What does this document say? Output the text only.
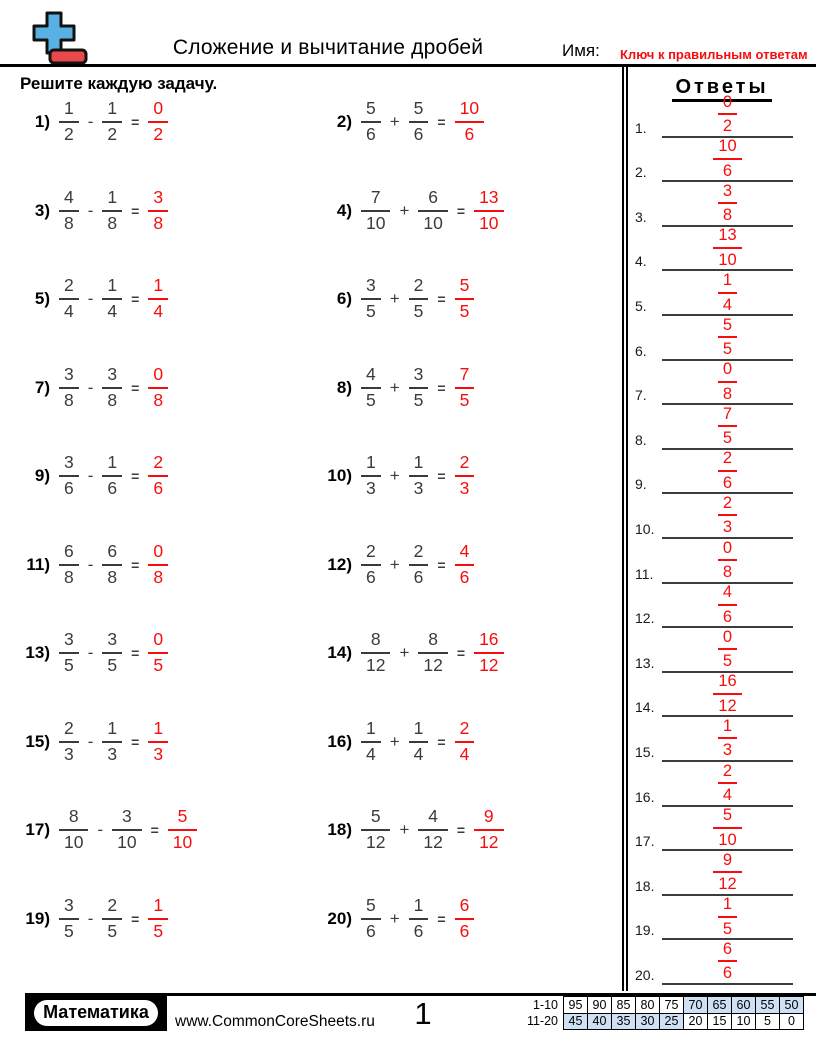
Сложение и вычитание дробей	Имя: Ключ к правильным ответам
Решите каждую задачу.
$1) \frac{1}{2} - \frac{1}{2} = \frac{0}{2}$	$2) \frac{5}{6} + \frac{5}{6} = \frac{10}{6}$
$3) \frac{4}{8} - \frac{1}{8} = \frac{3}{8}$	$4) \frac{7}{10} + \frac{6}{10} = \frac{13}{10}$
$5) \frac{2}{4} - \frac{1}{4} = \frac{1}{4}$	$6) \frac{3}{5} + \frac{2}{5} = \frac{5}{5}$
$7) \frac{3}{8} - \frac{3}{8} = \frac{0}{8}$	$8) \frac{4}{5} + \frac{3}{5} = \frac{7}{5}$
$9) \frac{3}{6} - \frac{1}{6} = \frac{2}{6}$	$10) \frac{1}{3} + \frac{1}{3} = \frac{2}{3}$
$11) \frac{6}{8} - \frac{6}{8} = \frac{0}{8}$	$12) \frac{2}{6} + \frac{2}{6} = \frac{4}{6}$
$13) \frac{3}{5} - \frac{3}{5} = \frac{0}{5}$	$14) \frac{8}{12} + \frac{8}{12} = \frac{16}{12}$
$15) \frac{2}{3} - \frac{1}{3} = \frac{1}{3}$	$16) \frac{1}{4} + \frac{1}{4} = \frac{2}{4}$
$17) \frac{8}{10} - \frac{3}{10} = \frac{5}{10}$	$18) \frac{5}{12} + \frac{4}{12} = \frac{9}{12}$
$19) \frac{3}{5} - \frac{2}{5} = \frac{1}{5}$	$20) \frac{5}{6} + \frac{1}{6} = \frac{6}{6}$
Ответы
1.	$\frac{0}{2}$
2.	$\frac{10}{6}$
3.	$\frac{3}{8}$
4.	$\frac{13}{10}$
5.	$\frac{1}{4}$
6.	$\frac{5}{5}$
7.	$\frac{0}{8}$
8.	$\frac{7}{5}$
9.	$\frac{2}{6}$
10.	$\frac{2}{3}$
11.	$\frac{0}{8}$
12.	$\frac{4}{6}$
13.	$\frac{0}{5}$
14.	$\frac{16}{12}$
15.	$\frac{1}{3}$
16.	$\frac{2}{4}$
17.	$\frac{5}{10}$
18.	$\frac{9}{12}$
19.	$\frac{1}{5}$
20.	$\frac{6}{6}$
Математика	www.CommonCoreSheets.ru	1	1-10	95	90	85	80	75	70	65	60	55	50
11-20	45	40	35	30	25	20	15	10	5	0
